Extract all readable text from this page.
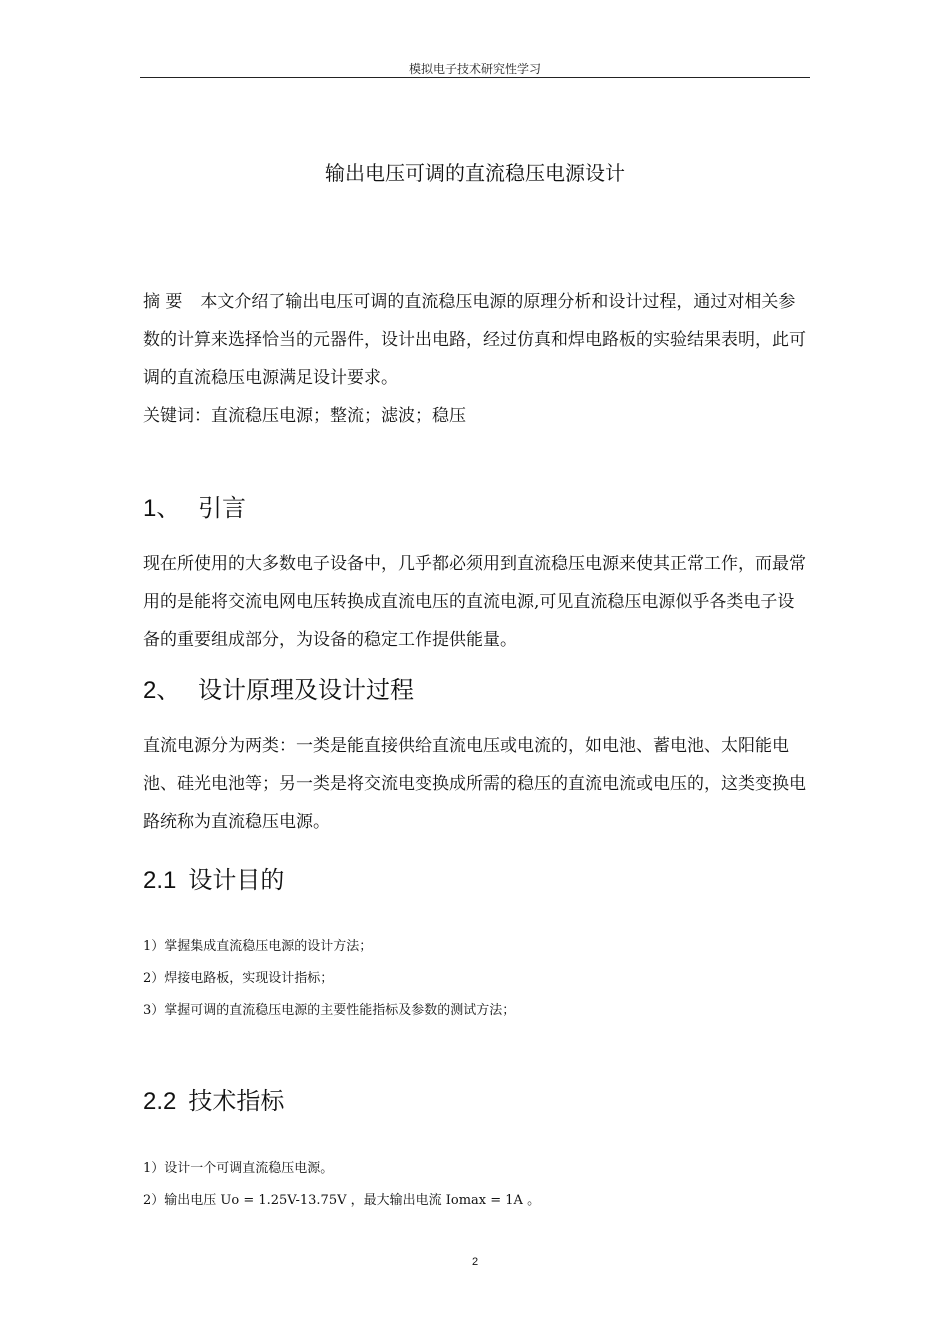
模拟电子技术研究性学习
输出电压可调的直流稳压电源设计
摘 要 本文介绍了输出电压可调的直流稳压电源的原理分析和设计过程，通过对相关参数的计算来选择恰当的元器件，设计出电路，经过仿真和焊电路板的实验结果表明，此可调的直流稳压电源满足设计要求。
关键词：直流稳压电源；整流；滤波；稳压
1、 引言
现在所使用的大多数电子设备中，几乎都必须用到直流稳压电源来使其正常工作，而最常用的是能将交流电网电压转换成直流电压的直流电源,可见直流稳压电源似乎各类电子设备的重要组成部分，为设备的稳定工作提供能量。
2、 设计原理及设计过程
直流电源分为两类：一类是能直接供给直流电压或电流的，如电池、蓄电池、太阳能电池、硅光电池等；另一类是将交流电变换成所需的稳压的直流电流或电压的，这类变换电路统称为直流稳压电源。
2.1 设计目的
1）掌握集成直流稳压电源的设计方法；
2）焊接电路板，实现设计指标；
3）掌握可调的直流稳压电源的主要性能指标及参数的测试方法；
2.2 技术指标
1）设计一个可调直流稳压电源。
2）输出电压 Uo = 1.25V-13.75V ，最大输出电流 Iomax = 1A 。
2
